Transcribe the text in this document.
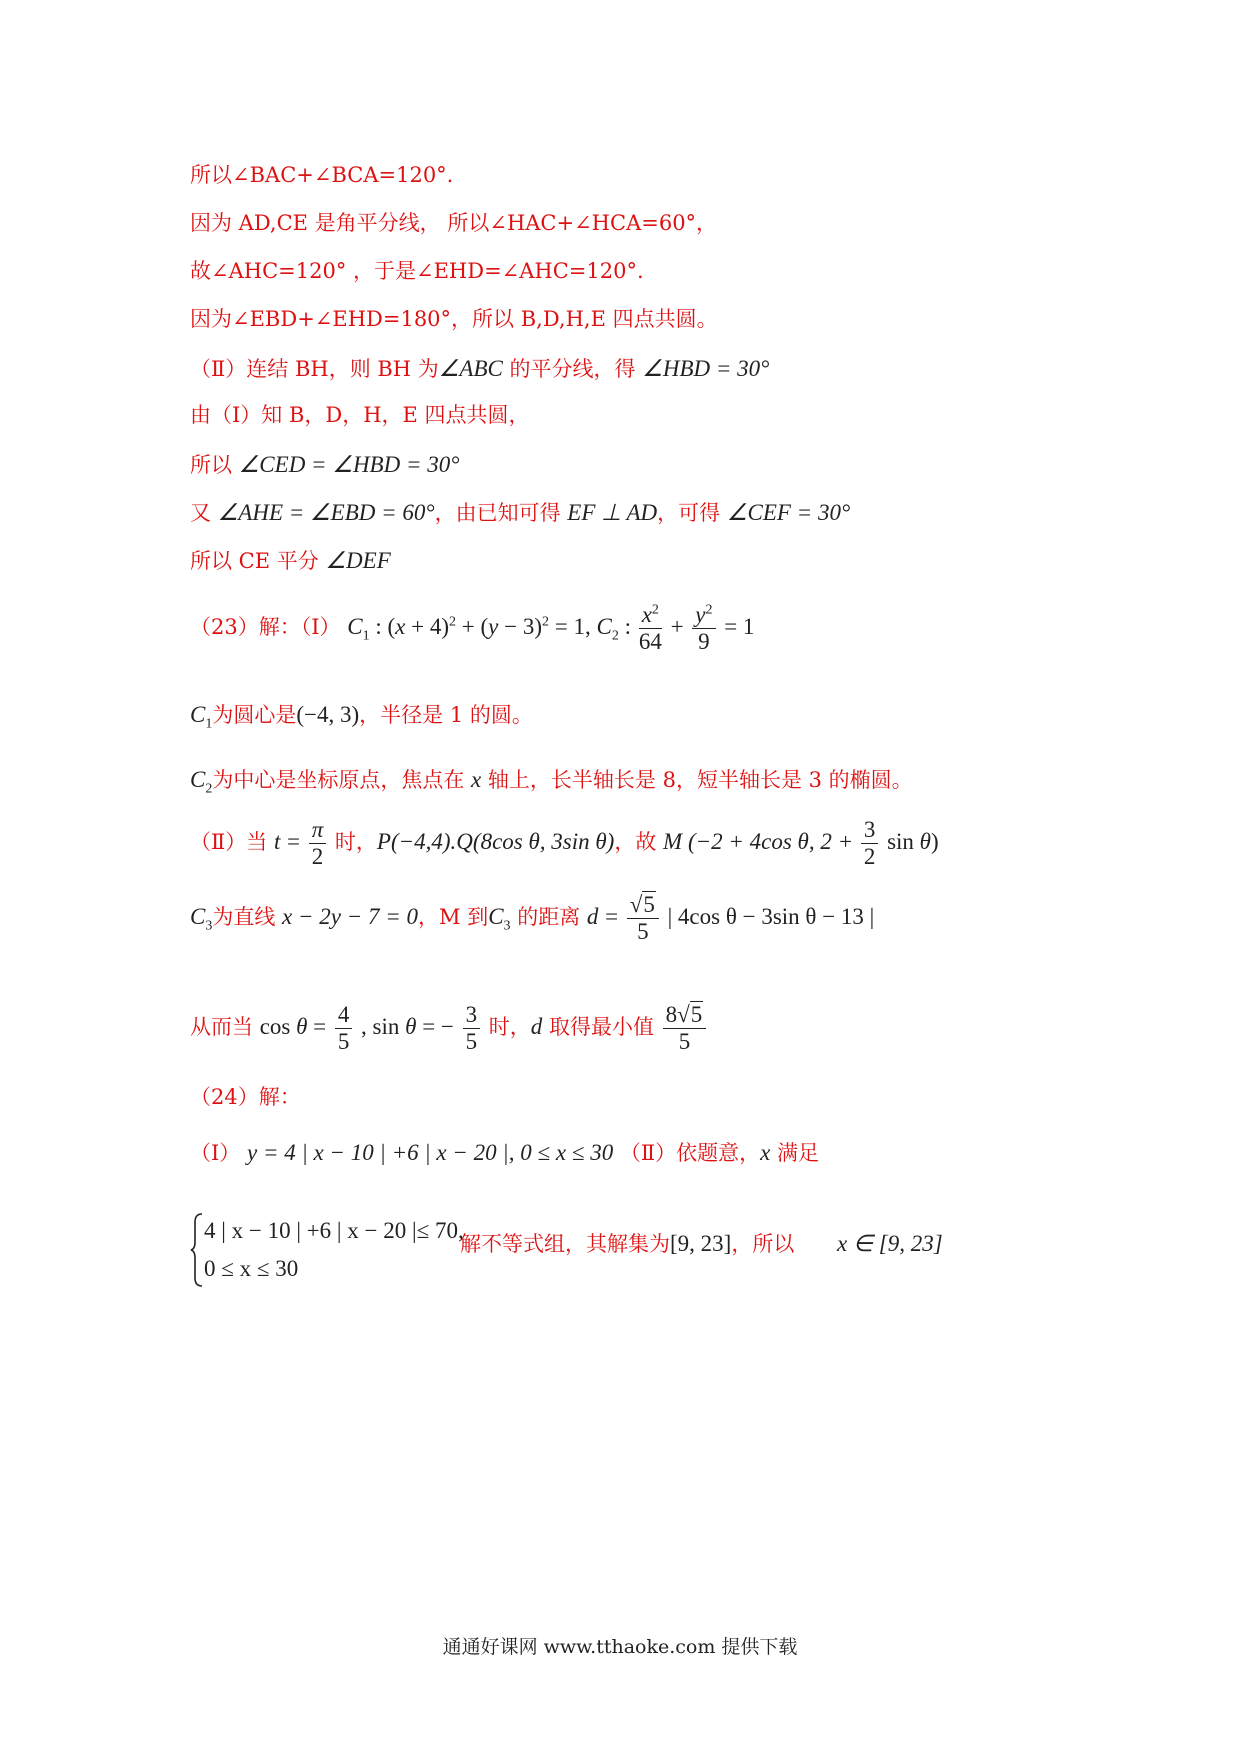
所以∠BAC+∠BCA=120°.
因为 AD,CE 是角平分线， 所以∠HAC+∠HCA=60°，
故∠AHC=120° ，于是∠EHD=∠AHC=120°.
因为∠EBD+∠EHD=180°，所以 B,D,H,E 四点共圆。
（Ⅱ）连结 BH，则 BH 为∠ABC 的平分线，得 ∠HBD = 30°
由（Ⅰ）知 B，D，H，E 四点共圆，
所以 ∠CED = ∠HBD = 30°
又 ∠AHE = ∠EBD = 60°，由已知可得 EF ⊥ AD，可得 ∠CEF = 30°
所以 CE 平分 ∠DEF
（23）解：（Ⅰ） $C_1$ : $(x + 4)^2 + (y - 3)^2 = 1$, $C_2$ : $\frac{x^2}{64} + \frac{y^2}{9} = 1$
$C_1$为圆心是(−4, 3)，半径是 1 的圆。
$C_2$为中心是坐标原点，焦点在 x 轴上，长半轴长是 8，短半轴长是 3 的椭圆。
（Ⅱ）当 $t = \frac{\pi}{2}$ 时，P(−4,4).Q(8cos θ, 3sin θ)，故 M (−2 + 4cos θ, $2 + \frac{3}{2}$ sin θ)
$C_3$为直线 x − 2y − 7 = 0，M 到$C_3$ 的距离 $d = \frac{√5}{5}$ | 4cos θ − 3sin θ − 13 |
从而当 $\cos \theta = \frac{4}{5}$ , sin θ = − $\frac{3}{5}$ 时，d 取得最小值 $\frac{8√5}{5}$
（24）解：
（Ⅰ） y = 4 | x − 10 | +6 | x − 20 |, 0 ≤ x ≤ 30 （Ⅱ）依题意，x 满足
4 | x − 10 | +6 | x − 20 |≤ 70,
0 ≤ x ≤ 30
解不等式组，其解集为[9, 23]，所以 x ∈ [9, 23]
通通好课网 www.tthaoke.com 提供下载
